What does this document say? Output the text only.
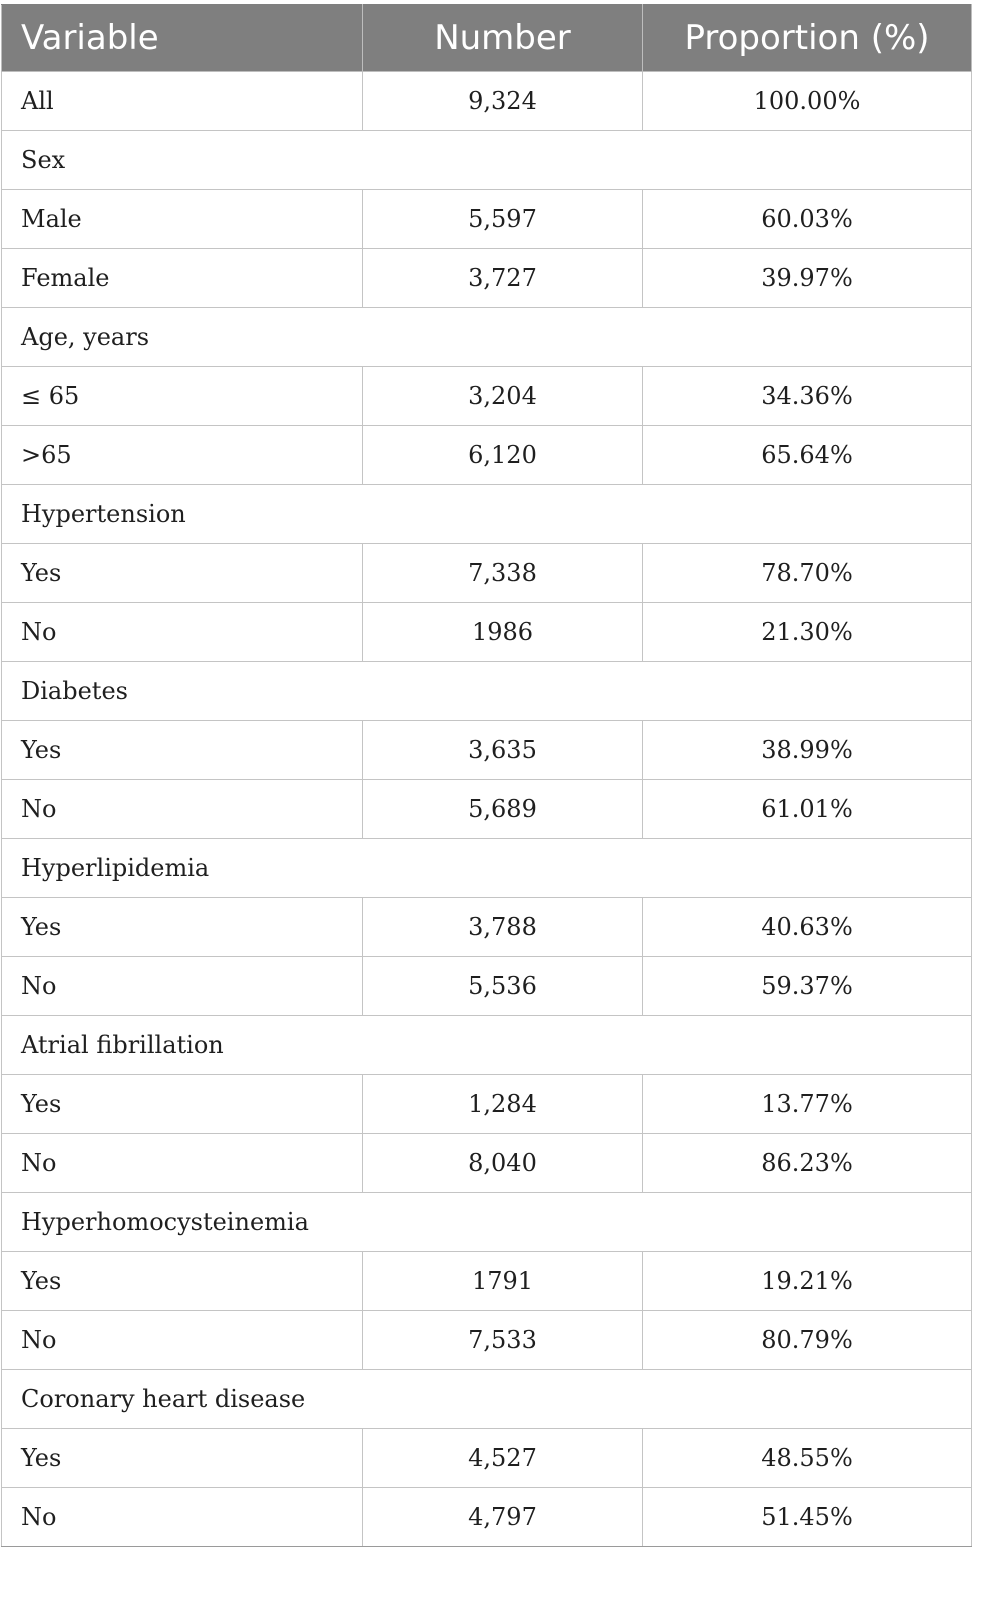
Variable	Number	Proportion (%)
All	9,324	100.00%
Sex		
Male	5,597	60.03%
Female	3,727	39.97%
Age, years		
≤ 65	3,204	34.36%
>65	6,120	65.64%
Hypertension		
Yes	7,338	78.70%
No	1986	21.30%
Diabetes		
Yes	3,635	38.99%
No	5,689	61.01%
Hyperlipidemia		
Yes	3,788	40.63%
No	5,536	59.37%
Atrial fibrillation		
Yes	1,284	13.77%
No	8,040	86.23%
Hyperhomocysteinemia		
Yes	1791	19.21%
No	7,533	80.79%
Coronary heart disease		
Yes	4,527	48.55%
No	4,797	51.45%
